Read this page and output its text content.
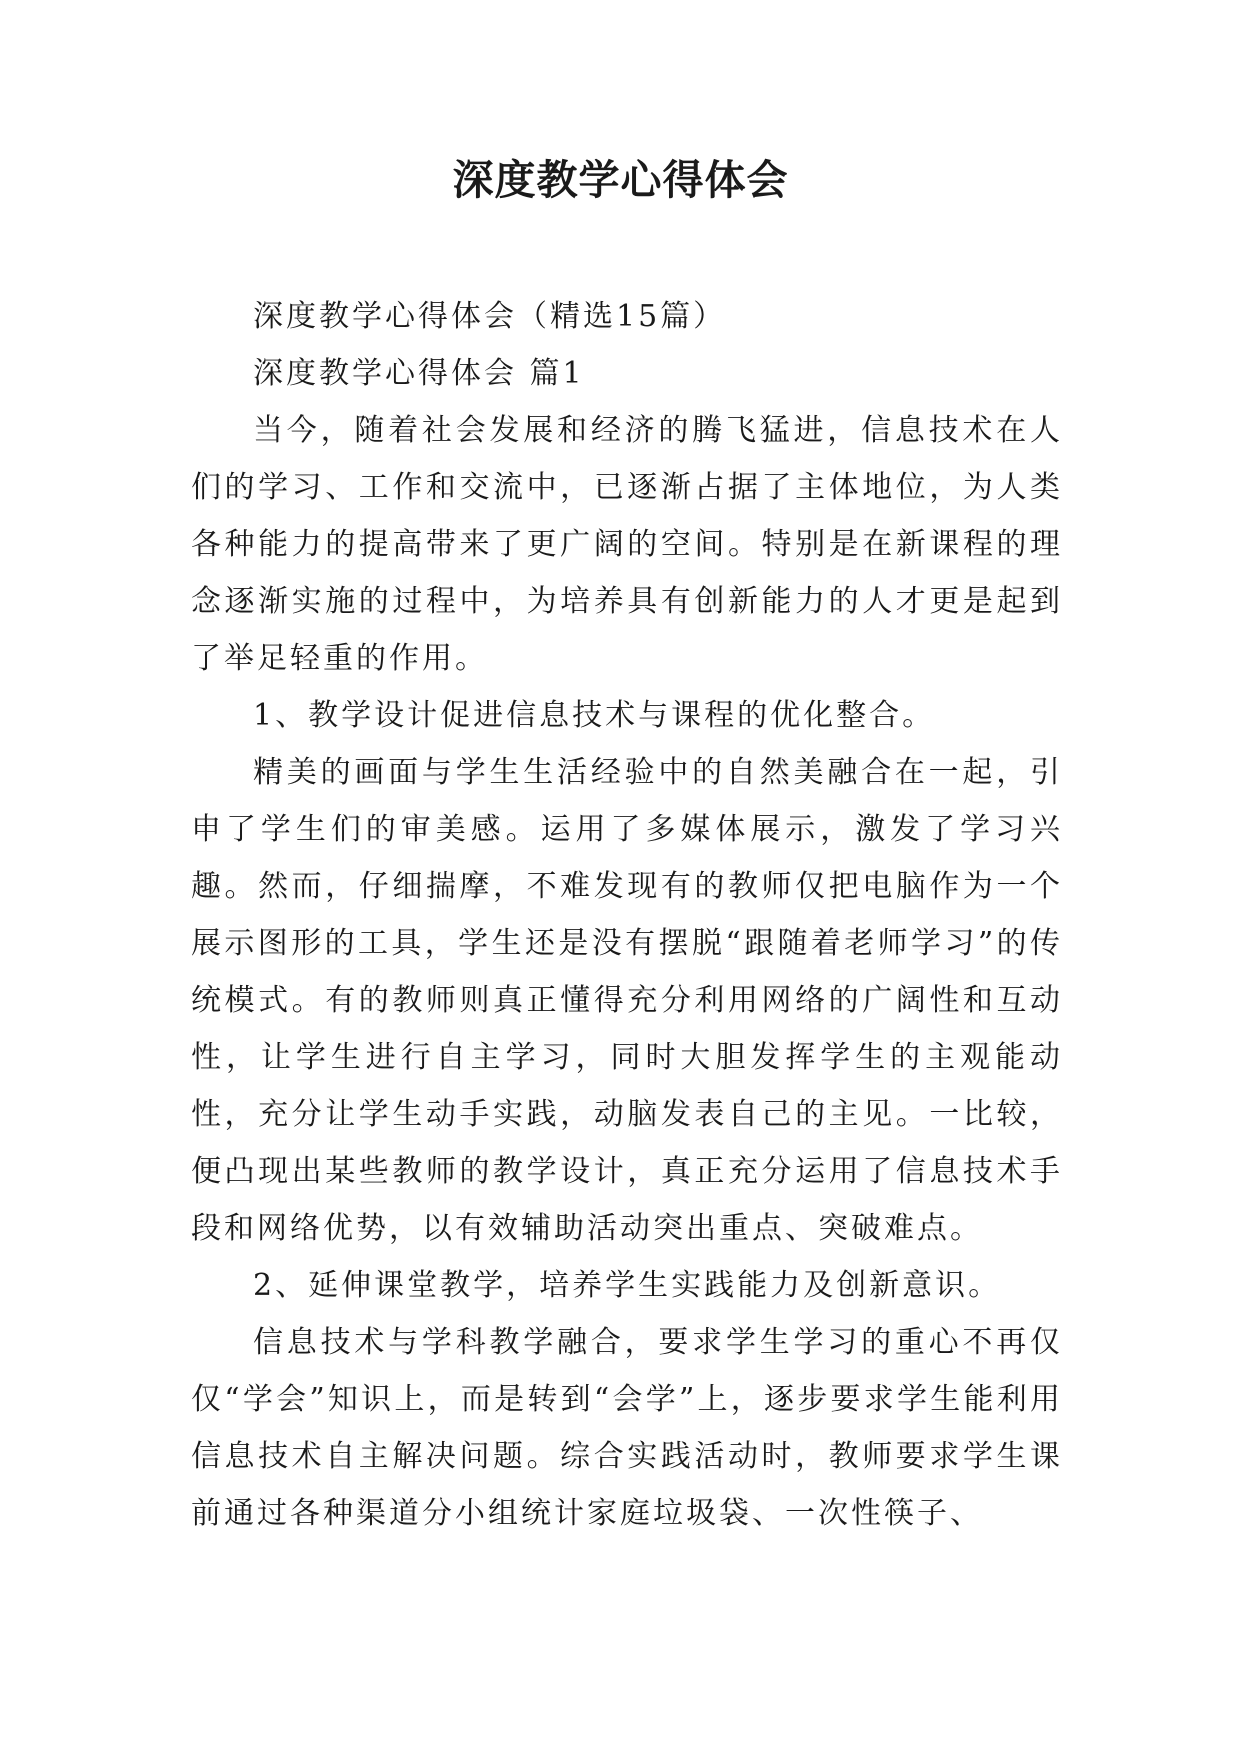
深度教学心得体会

深度教学心得体会（精选15篇）

深度教学心得体会 篇1

当今，随着社会发展和经济的腾飞猛进，信息技术在人们的学习、工作和交流中，已逐渐占据了主体地位，为人类各种能力的提高带来了更广阔的空间。特别是在新课程的理念逐渐实施的过程中，为培养具有创新能力的人才更是起到了举足轻重的作用。

1、教学设计促进信息技术与课程的优化整合。

精美的画面与学生生活经验中的自然美融合在一起，引申了学生们的审美感。运用了多媒体展示，激发了学习兴趣。然而，仔细揣摩，不难发现有的教师仅把电脑作为一个展示图形的工具，学生还是没有摆脱“跟随着老师学习”的传统模式。有的教师则真正懂得充分利用网络的广阔性和互动性，让学生进行自主学习，同时大胆发挥学生的主观能动性，充分让学生动手实践，动脑发表自己的主见。一比较，便凸现出某些教师的教学设计，真正充分运用了信息技术手段和网络优势，以有效辅助活动突出重点、突破难点。

2、延伸课堂教学，培养学生实践能力及创新意识。

信息技术与学科教学融合，要求学生学习的重心不再仅仅“学会”知识上，而是转到“会学”上，逐步要求学生能利用信息技术自主解决问题。综合实践活动时，教师要求学生课前通过各种渠道分小组统计家庭垃圾袋、一次性筷子、
